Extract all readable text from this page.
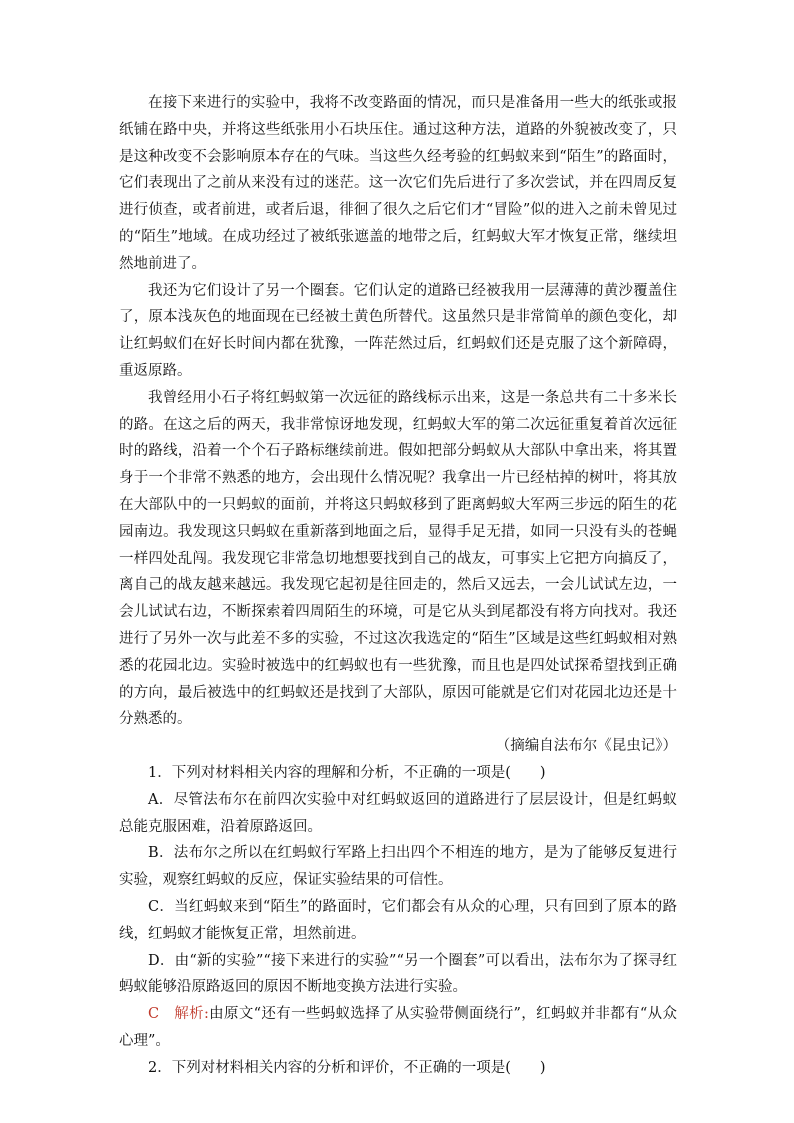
在接下来进行的实验中，我将不改变路面的情况，而只是准备用一些大的纸张或报纸铺在路中央，并将这些纸张用小石块压住。通过这种方法，道路的外貌被改变了，只是这种改变不会影响原本存在的气味。当这些久经考验的红蚂蚁来到“陌生”的路面时，它们表现出了之前从来没有过的迷茫。这一次它们先后进行了多次尝试，并在四周反复进行侦查，或者前进，或者后退，徘徊了很久之后它们才“冒险”似的进入之前未曾见过的“陌生”地域。在成功经过了被纸张遮盖的地带之后，红蚂蚁大军才恢复正常，继续坦然地前进了。

我还为它们设计了另一个圈套。它们认定的道路已经被我用一层薄薄的黄沙覆盖住了，原本浅灰色的地面现在已经被土黄色所替代。这虽然只是非常简单的颜色变化，却让红蚂蚁们在好长时间内都在犹豫，一阵茫然过后，红蚂蚁们还是克服了这个新障碍，重返原路。

我曾经用小石子将红蚂蚁第一次远征的路线标示出来，这是一条总共有二十多米长的路。在这之后的两天，我非常惊讶地发现，红蚂蚁大军的第二次远征重复着首次远征时的路线，沿着一个个石子路标继续前进。假如把部分蚂蚁从大部队中拿出来，将其置身于一个非常不熟悉的地方，会出现什么情况呢？我拿出一片已经枯掉的树叶，将其放在大部队中的一只蚂蚁的面前，并将这只蚂蚁移到了距离蚂蚁大军两三步远的陌生的花园南边。我发现这只蚂蚁在重新落到地面之后，显得手足无措，如同一只没有头的苍蝇一样四处乱闯。我发现它非常急切地想要找到自己的战友，可事实上它把方向搞反了，离自己的战友越来越远。我发现它起初是往回走的，然后又远去，一会儿试试左边，一会儿试试右边，不断探索着四周陌生的环境，可是它从头到尾都没有将方向找对。我还进行了另外一次与此差不多的实验，不过这次我选定的“陌生”区域是这些红蚂蚁相对熟悉的花园北边。实验时被选中的红蚂蚁也有一些犹豫，而且也是四处试探希望找到正确的方向，最后被选中的红蚂蚁还是找到了大部队，原因可能就是它们对花园北边还是十分熟悉的。

（摘编自法布尔《昆虫记》）

1．下列对材料相关内容的理解和分析，不正确的一项是(　　)

A．尽管法布尔在前四次实验中对红蚂蚁返回的道路进行了层层设计，但是红蚂蚁总能克服困难，沿着原路返回。

B．法布尔之所以在红蚂蚁行军路上扫出四个不相连的地方，是为了能够反复进行实验，观察红蚂蚁的反应，保证实验结果的可信性。

C．当红蚂蚁来到“陌生”的路面时，它们都会有从众的心理，只有回到了原本的路线，红蚂蚁才能恢复正常，坦然前进。

D．由“新的实验”“接下来进行的实验”“另一个圈套”可以看出，法布尔为了探寻红蚂蚁能够沿原路返回的原因不断地变换方法进行实验。

C　 解析:由原文“还有一些蚂蚁选择了从实验带侧面绕行”，红蚂蚁并非都有“从众心理”。

2．下列对材料相关内容的分析和评价，不正确的一项是(　　)
